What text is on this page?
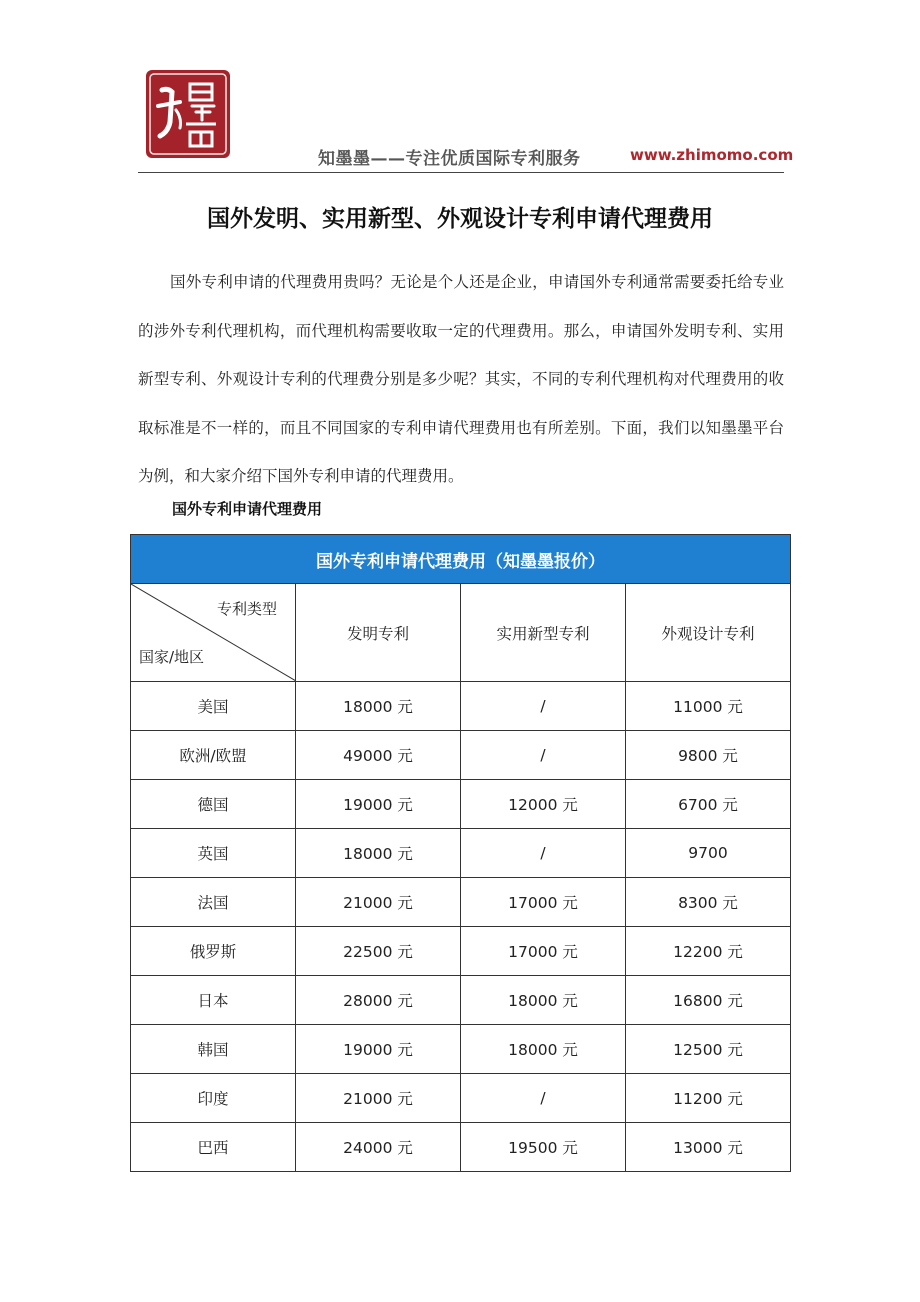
知墨墨——专注优质国际专利服务	www.zhimomo.com
国外发明、实用新型、外观设计专利申请代理费用

国外专利申请的代理费用贵吗？无论是个人还是企业，申请国外专利通常需要委托给专业的涉外专利代理机构，而代理机构需要收取一定的代理费用。那么，申请国外发明专利、实用新型专利、外观设计专利的代理费分别是多少呢？其实，不同的专利代理机构对代理费用的收取标准是不一样的，而且不同国家的专利申请代理费用也有所差别。下面，我们以知墨墨平台为例，和大家介绍下国外专利申请的代理费用。

国外专利申请代理费用
国外专利申请代理费用（知墨墨报价）			

专利类型
国家/地区	发明专利	实用新型专利	外观设计专利
美国	18000 元	/	11000 元
欧洲/欧盟	49000 元	/	9800 元
德国	19000 元	12000 元	6700 元
英国	18000 元	/	9700
法国	21000 元	17000 元	8300 元
俄罗斯	22500 元	17000 元	12200 元
日本	28000 元	18000 元	16800 元
韩国	19000 元	18000 元	12500 元
印度	21000 元	/	11200 元
巴西	24000 元	19500 元	13000 元
